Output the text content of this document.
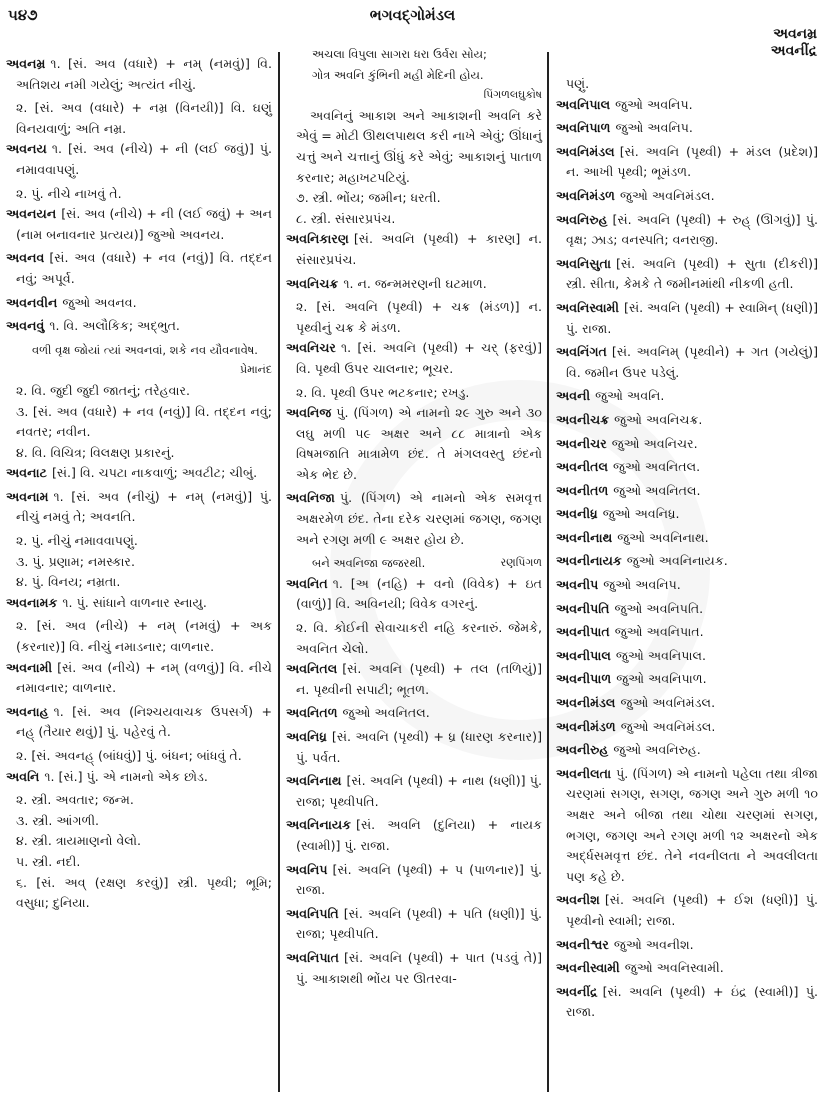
૫૪૭	ભગવદ્ગોમંડલ
અવનમ્ર
અવનીંદ્ર
અવનમ્ર ૧. [સં. અવ (વધારે) + નમ્ (નમવું)] વિ. અતિશય નમી ગયેલું; અત્યંત નીચું.
૨. [સં. અવ (વધારે) + નમ્ર (વિનયી)] વિ. ઘણું વિનયવાળું; અતિ નમ્ર.
અવનય ૧. [સં. અવ (નીચે) + ની (લઈ જવું)] પું. નમાવવાપણું.
૨. પું. નીચે નાખવું તે.
અવનયન [સં. અવ (નીચે) + ની (લઈ જવું) + અન (નામ બનાવનાર પ્રત્યય)] જુઓ અવનય.
અવનવ [સં. અવ (વધારે) + નવ (નવું)] વિ. તદ્દન નવું; અપૂર્વ.
અવનવીન જુઓ અવનવ.
અવનવું ૧. વિ. અલૌકિક; અદ્ભુત.
વળી વૃક્ષ જોયાં ત્યાં અવનવાં, શકે નવ યૌવનાવેષ.
પ્રેમાનંદ
૨. વિ. જુદી જુદી જાતનું; તરેહવાર.
૩. [સં. અવ (વધારે) + નવ (નવું)] વિ. તદ્દન નવું; નવતર; નવીન.
૪. વિ. વિચિત્ર; વિલક્ષણ પ્રકારનું.
અવનાટ [સં.] વિ. ચપટા નાકવાળું; અવટીટ; ચીબું.
અવનામ ૧. [સં. અવ (નીચું) + નમ્ (નમવું)] પું. નીચું નમવું તે; અવનતિ.
૨. પું. નીચું નમાવવાપણું.
૩. પું. પ્રણામ; નમસ્કાર.
૪. પું. વિનય; નમ્રતા.
અવનામક ૧. પું. સાંધાને વાળનાર સ્નાયુ.
૨. [સં. અવ (નીચે) + નમ્ (નમવું) + અક (કરનાર)] વિ. નીચું નમાડનાર; વાળનાર.
અવનામી [સં. અવ (નીચે) + નમ્ (વળવું)] વિ. નીચે નમાવનાર; વાળનાર.
અવનાહ ૧. [સં. અવ (નિશ્ચયવાચક ઉપસર્ગ) + નહ્ (તૈયાર થવું)] પું. પહેરવું તે.
૨. [સં. અવનહ્ (બાંધવું)] પું. બંધન; બાંધવું તે.
અવનિ ૧. [સં.] પું. એ નામનો એક છોડ.
૨. સ્ત્રી. અવતાર; જન્મ.
૩. સ્ત્રી. આંગળી.
૪. સ્ત્રી. ત્રાયમાણનો વેલો.
૫. સ્ત્રી. નદી.
૬. [સં. અવ્ (રક્ષણ કરવું)] સ્ત્રી. પૃથ્વી; ભૂમિ; વસુધા; દુનિયા.
અચલા વિપુલા સાગરા ધરા ઉર્વરા સોય;
ગોત્ર અવનિ કુંભિની મહી મેદિની હોય.
પિંગળલઘુકોષ
અવનિનું આકાશ અને આકાશની અવનિ કરે એવું = મોટી ઊથલપાથલ કરી નાખે એવું; ઊંધાનું ચત્તું અને ચત્તાનું ઊંધું કરે એવું; આકાશનું પાતાળ કરનાર; મહાખટપટિયું.
૭. સ્ત્રી. ભોંય; જમીન; ધરતી.
૮. સ્ત્રી. સંસારપ્રપંચ.
અવનિકારણ [સં. અવનિ (પૃથ્વી) + કારણ] ન. સંસારપ્રપંચ.
અવનિચક્ર ૧. ન. જન્મમરણની ઘટમાળ.
૨. [સં. અવનિ (પૃથ્વી) + ચક્ર (મંડળ)] ન. પૃથ્વીનું ચક્ર કે મંડળ.
અવનિચર ૧. [સં. અવનિ (પૃથ્વી) + ચર્ (ફરવું)] વિ. પૃથ્વી ઉપર ચાલનાર; ભૂચર.
૨. વિ. પૃથ્વી ઉપર ભટકનાર; રખડુ.
અવનિજ પું. (પિંગળ) એ નામનો ૨૯ ગુરુ અને ૩૦ લઘુ મળી ૫૯ અક્ષર અને ૮૮ માત્રાનો એક વિષમજાતિ માત્રામેળ છંદ. તે મંગલવસ્તુ છંદનો એક ભેદ છે.
અવનિજા પું. (પિંગળ) એ નામનો એક સમવૃત્ત અક્ષરમેળ છંદ. તેના દરેક ચરણમાં જગણ, જગણ અને રગણ મળી ૯ અક્ષર હોય છે.
બને અવનિજા જજરથી.	રણપિંગળ
અવનિત ૧. [અ (નહિ) + વનો (વિવેક) + ઇત (વાળું)] વિ. અવિનયી; વિવેક વગરનું.
૨. વિ. કોઈની સેવાચાકરી નહિ કરનારું. જેમકે, અવનિત ચેલો.
અવનિતલ [સં. અવનિ (પૃથ્વી) + તલ (તળિયું)] ન. પૃથ્વીની સપાટી; ભૂતળ.
અવનિતળ જુઓ અવનિતલ.
અવનિધ્ર [સં. અવનિ (પૃથ્વી) + ધ્ર (ધારણ કરનાર)] પું. પર્વત.
અવનિનાથ [સં. અવનિ (પૃથ્વી) + નાથ (ધણી)] પું. રાજા; પૃથ્વીપતિ.
અવનિનાયક [સં. અવનિ (દુનિયા) + નાયક (સ્વામી)] પું. રાજા.
અવનિપ [સં. અવનિ (પૃથ્વી) + પ (પાળનાર)] પું. રાજા.
અવનિપતિ [સં. અવનિ (પૃથ્વી) + પતિ (ધણી)] પું. રાજા; પૃથ્વીપતિ.
અવનિપાત [સં. અવનિ (પૃથ્વી) + પાત (પડવું તે)] પું. આકાશથી ભોંય પર ઊતરવા-
પણું.
અવનિપાલ જુઓ અવનિપ.
અવનિપાળ જુઓ અવનિપ.
અવનિમંડલ [સં. અવનિ (પૃથ્વી) + મંડલ (પ્રદેશ)] ન. આખી પૃથ્વી; ભૂમંડળ.
અવનિમંડળ જુઓ અવનિમંડલ.
અવનિરુહ [સં. અવનિ (પૃથ્વી) + રુહ્ (ઊગવું)] પું. વૃક્ષ; ઝાડ; વનસ્પતિ; વનરાજી.
અવનિસુતા [સં. અવનિ (પૃથ્વી) + સુતા (દીકરી)] સ્ત્રી. સીતા, કેમકે તે જમીનમાંથી નીકળી હતી.
અવનિસ્વામી [સં. અવનિ (પૃથ્વી) + સ્વામિન્ (ધણી)] પું. રાજા.
અવનિંગત [સં. અવનિમ્ (પૃથ્વીને) + ગત (ગયેલું)] વિ. જમીન ઉપર પડેલું.
અવની જુઓ અવનિ.
અવનીચક્ર જુઓ અવનિચક્ર.
અવનીચર જુઓ અવનિચર.
અવનીતલ જુઓ અવનિતલ.
અવનીતળ જુઓ અવનિતલ.
અવનીધ્ર જુઓ અવનિધ્ર.
અવનીનાથ જુઓ અવનિનાથ.
અવનીનાયક જુઓ અવનિનાયક.
અવનીપ જુઓ અવનિપ.
અવનીપતિ જુઓ અવનિપતિ.
અવનીપાત જુઓ અવનિપાત.
અવનીપાલ જુઓ અવનિપાલ.
અવનીપાળ જુઓ અવનિપાળ.
અવનીમંડલ જુઓ અવનિમંડલ.
અવનીમંડળ જુઓ અવનિમંડલ.
અવનીરુહ જુઓ અવનિરુહ.
અવનીલતા પું. (પિંગળ) એ નામનો પહેલા તથા ત્રીજા ચરણમાં સગણ, સગણ, જગણ અને ગુરુ મળી ૧૦ અક્ષર અને બીજા તથા ચોથા ચરણમાં સગણ, ભગણ, જગણ અને રગણ મળી ૧૨ અક્ષરનો એક અર્દ્ધસમવૃત્ત છંદ. તેને નવનીલતા ને અવલીલતા પણ કહે છે.
અવનીશ [સં. અવનિ (પૃથ્વી) + ઈશ (ધણી)] પું. પૃથ્વીનો સ્વામી; રાજા.
અવનીશ્વર જુઓ અવનીશ.
અવનીસ્વામી જુઓ અવનિસ્વામી.
અવનીંદ્ર [સં. અવનિ (પૃથ્વી) + ઇંદ્ર (સ્વામી)] પું. રાજા.
